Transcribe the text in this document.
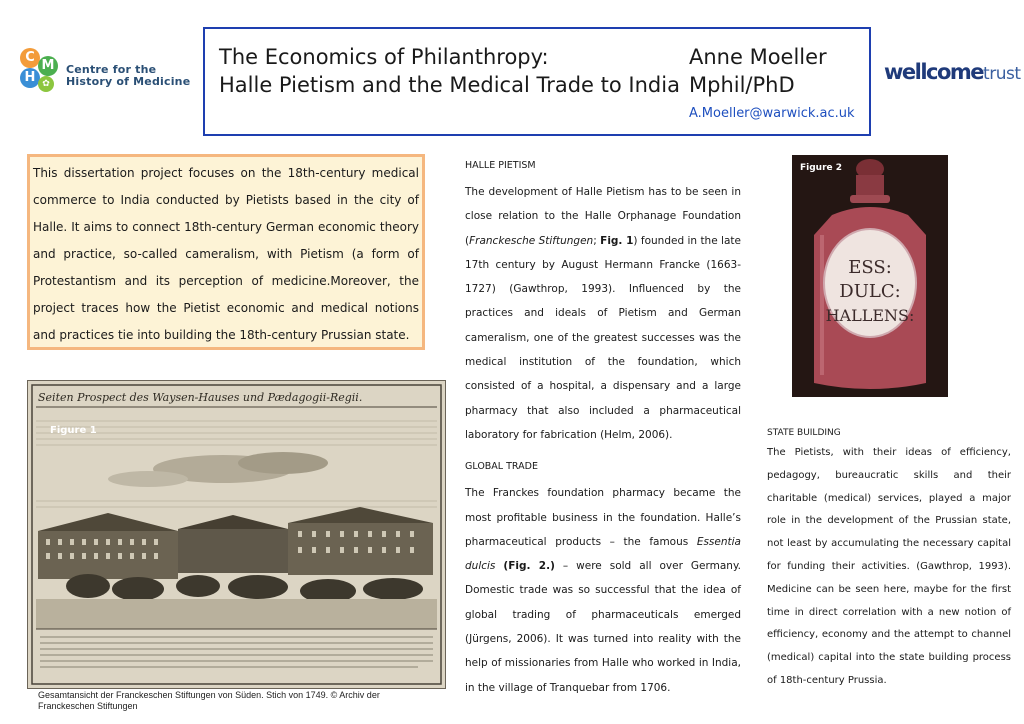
C
M
H ✿
Centre for the
History of Medicine
The Economics of Philanthropy:
Halle Pietism and the Medical Trade to India
Anne Moeller
Mphil/PhD
A.Moeller@warwick.ac.uk
wellcometrust

This dissertation project focuses on the 18th-century medical commerce to India conducted by Pietists based in the city of Halle. It aims to connect 18th-century German economic theory and practice, so-called cameralism, with Pietism (a form of Protestantism and its perception of medicine.Moreover, the project traces how the Pietist economic and medical notions and practices tie into building the 18th-century Prussian state.

Seiten Prospect des Waysen-Hauses und Pædagogii-Regii.
Figure 1
Gesamtansicht der Franckeschen Stiftungen von Süden. Stich von 1749. © Archiv der Franckeschen Stiftungen
HALLE PIETISM

The development of Halle Pietism has to be seen in close relation to the Halle Orphanage Foundation (Franckesche Stiftungen; Fig. 1) founded in the late 17th century by August Hermann Francke (1663-1727) (Gawthrop, 1993). Influenced by the practices and ideals of Pietism and German cameralism, one of the greatest successes was the medical institution of the foundation, which consisted of a hospital, a dispensary and a large pharmacy that also included a pharmaceutical laboratory for fabrication (Helm, 2006).

GLOBAL TRADE

The Franckes foundation pharmacy became the most profitable business in the foundation. Halle’s pharmaceutical products – the famous Essentia dulcis (Fig. 2.) – were sold all over Germany. Domestic trade was so successful that the idea of global trading of pharmaceuticals emerged (Jürgens, 2006). It was turned into reality with the help of missionaries from Halle who worked in India, in the village of Tranquebar from 1706.

ESS:
DULC:
HALLENS:
Figure 2
STATE BUILDING

The Pietists, with their ideas of efficiency, pedagogy, bureaucratic skills and their charitable (medical) services, played a major role in the development of the Prussian state, not least by accumulating the necessary capital for funding their activities. (Gawthrop, 1993). Medicine can be seen here, maybe for the first time in direct correlation with a new notion of efficiency, economy and the attempt to channel (medical) capital into the state building process of 18th-century Prussia.
